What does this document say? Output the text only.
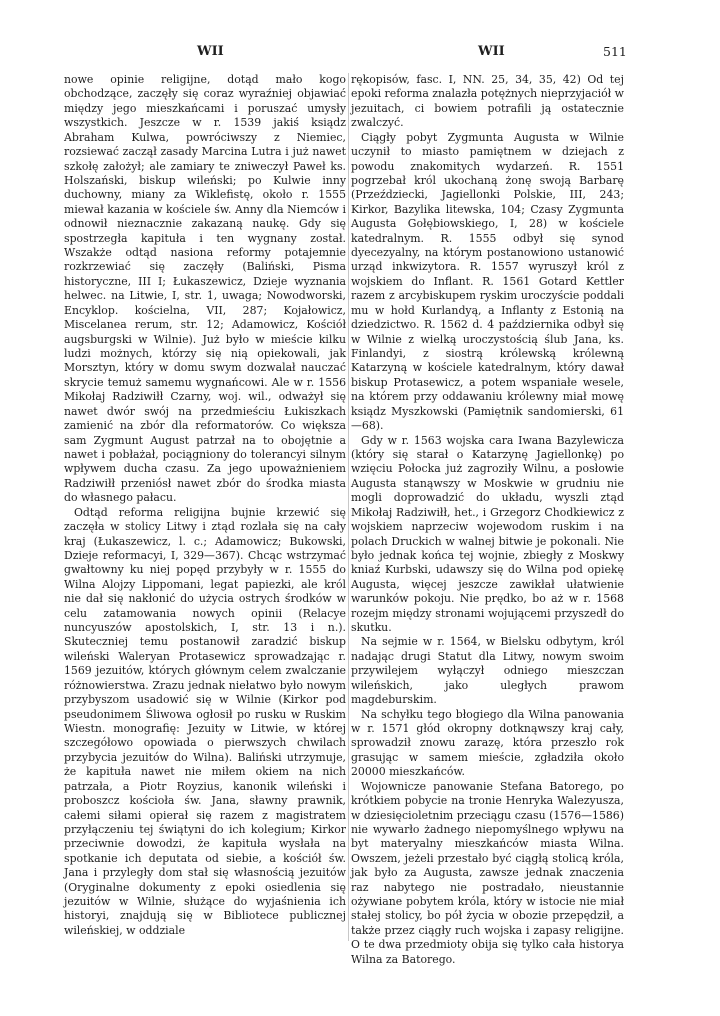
WII	WII	511

nowe opinie religijne, dotąd mało kogo obchodzące, zaczęły się coraz wyraźniej objawiać między jego mieszkańcami i poruszać umysły wszystkich. Jeszcze w r. 1539 jakiś ksiądz Abraham Kulwa, powróciwszy z Niemiec, rozsiewać zaczął zasady Marcina Lutra i już nawet szkołę założył; ale zamiary te zniweczył Paweł ks. Holszański, biskup wileński; po Kulwie inny duchowny, miany za Wiklefistę, około r. 1555 miewał kazania w kościele św. Anny dla Niemców i odnowił nieznacznie zakazaną naukę. Gdy się spostrzegła kapituła i ten wygnany został. Wszakże odtąd nasiona reformy potajemnie rozkrzewiać się zaczęły (Baliński, Pisma historyczne, III I; Łukaszewicz, Dzieje wyznania helwec. na Litwie, I, str. 1, uwaga; Nowodworski, Encyklop. kościelna, VII, 287; Kojałowicz, Miscelanea rerum, str. 12; Adamowicz, Kościół augsburgski w Wilnie). Już było w mieście kilku ludzi możnych, którzy się nią opiekowali, jak Morsztyn, który w domu swym dozwalał nauczać skrycie temuż samemu wygnańcowi. Ale w r. 1556 Mikołaj Radziwiłł Czarny, woj. wil., odważył się nawet dwór swój na przedmieściu Łukiszkach zamienić na zbór dla reformatorów. Co większa sam Zygmunt August patrzał na to obojętnie a nawet i pobłażał, pociągniony do tolerancyi silnym wpływem ducha czasu. Za jego upoważnieniem Radziwiłł przeniósł nawet zbór do środka miasta do własnego pałacu.

Odtąd reforma religijna bujnie krzewić się zaczęła w stolicy Litwy i ztąd rozlała się na cały kraj (Łukaszewicz, l. c.; Adamowicz; Bukowski, Dzieje reformacyi, I, 329—367). Chcąc wstrzymać gwałtowny ku niej popęd przybyły w r. 1555 do Wilna Alojzy Lippomani, legat papiezki, ale król nie dał się nakłonić do użycia ostrych środków w celu zatamowania nowych opinii (Relacye nuncyuszów apostolskich, I, str. 13 i n.). Skuteczniej temu postanowił zaradzić biskup wileński Waleryan Protasewicz sprowadzając r. 1569 jezuitów, których głównym celem zwalczanie różnowierstwa. Zrazu jednak niełatwo było nowym przybyszom usadowić się w Wilnie (Kirkor pod pseudonimem Śliwowa ogłosił po rusku w Ruskim Wiestn. monografię: Jezuity w Litwie, w której szczegółowo opowiada o pierwszych chwilach przybycia jezuitów do Wilna). Baliński utrzymuje, że kapituła nawet nie miłem okiem na nich patrzała, a Piotr Royzius, kanonik wileński i proboszcz kościoła św. Jana, sławny prawnik, całemi siłami opierał się razem z magistratem przyłączeniu tej świątyni do ich kolegium; Kirkor przeciwnie dowodzi, że kapituła wysłała na spotkanie ich deputata od siebie, a kościół św. Jana i przyległy dom stał się własnością jezuitów (Oryginalne dokumenty z epoki osiedlenia się jezuitów w Wilnie, służące do wyjaśnienia ich historyi, znajdują się w Bibliotece publicznej wileńskiej, w oddziale

rękopisów, fasc. I, NN. 25, 34, 35, 42) Od tej epoki reforma znalazła potężnych nieprzyjaciół w jezuitach, ci bowiem potrafili ją ostatecznie zwalczyć.

Ciągły pobyt Zygmunta Augusta w Wilnie uczynił to miasto pamiętnem w dziejach z powodu znakomitych wydarzeń. R. 1551 pogrzebał król ukochaną żonę swoją Barbarę (Przeździecki, Jagiellonki Polskie, III, 243; Kirkor, Bazylika litewska, 104; Czasy Zygmunta Augusta Gołębiowskiego, I, 28) w kościele katedralnym. R. 1555 odbył się synod dyecezyalny, na którym postanowiono ustanowić urząd inkwizytora. R. 1557 wyruszył król z wojskiem do Inflant. R. 1561 Gotard Kettler razem z arcybiskupem ryskim uroczyście poddali mu w hołd Kurlandyą, a Inflanty z Estonią na dziedzictwo. R. 1562 d. 4 października odbył się w Wilnie z wielką uroczystością ślub Jana, ks. Finlandyi, z siostrą królewską królewną Katarzyną w kościele katedralnym, który dawał biskup Protasewicz, a potem wspaniałe wesele, na którem przy oddawaniu królewny miał mowę ksiądz Myszkowski (Pamiętnik sandomierski, 61—68).

Gdy w r. 1563 wojska cara Iwana Bazylewicza (który się starał o Katarzynę Jagiellonkę) po wzięciu Połocka już zagroziły Wilnu, a posłowie Augusta stanąwszy w Moskwie w grudniu nie mogli doprowadzić do układu, wyszli ztąd Mikołaj Radziwiłł, het., i Grzegorz Chodkiewicz z wojskiem naprzeciw wojewodom ruskim i na polach Druckich w walnej bitwie je pokonali. Nie było jednak końca tej wojnie, zbiegły z Moskwy kniaź Kurbski, udawszy się do Wilna pod opiekę Augusta, więcej jeszcze zawikłał ułatwienie warunków pokoju. Nie prędko, bo aż w r. 1568 rozejm między stronami wojującemi przyszedł do skutku.

Na sejmie w r. 1564, w Bielsku odbytym, król nadając drugi Statut dla Litwy, nowym swoim przywilejem wyłączył odniego mieszczan wileńskich, jako uległych prawom magdeburskim.

Na schyłku tego błogiego dla Wilna panowania w r. 1571 głód okropny dotknąwszy kraj cały, sprowadził znowu zarazę, która przeszło rok grasując w samem mieście, zgładziła około 20000 mieszkańców.

Wojownicze panowanie Stefana Batorego, po krótkiem pobycie na tronie Henryka Walezyusza, w dziesięcioletnim przeciągu czasu (1576—1586) nie wywarło żadnego niepomyślnego wpływu na byt materyalny mieszkańców miasta Wilna. Owszem, jeżeli przestało być ciągłą stolicą króla, jak było za Augusta, zawsze jednak znaczenia raz nabytego nie postradało, nieustannie ożywiane pobytem króla, który w istocie nie miał stałej stolicy, bo pół życia w obozie przepędził, a także przez ciągły ruch wojska i zapasy religijne. O te dwa przedmioty obija się tylko cała historya Wilna za Batorego.
